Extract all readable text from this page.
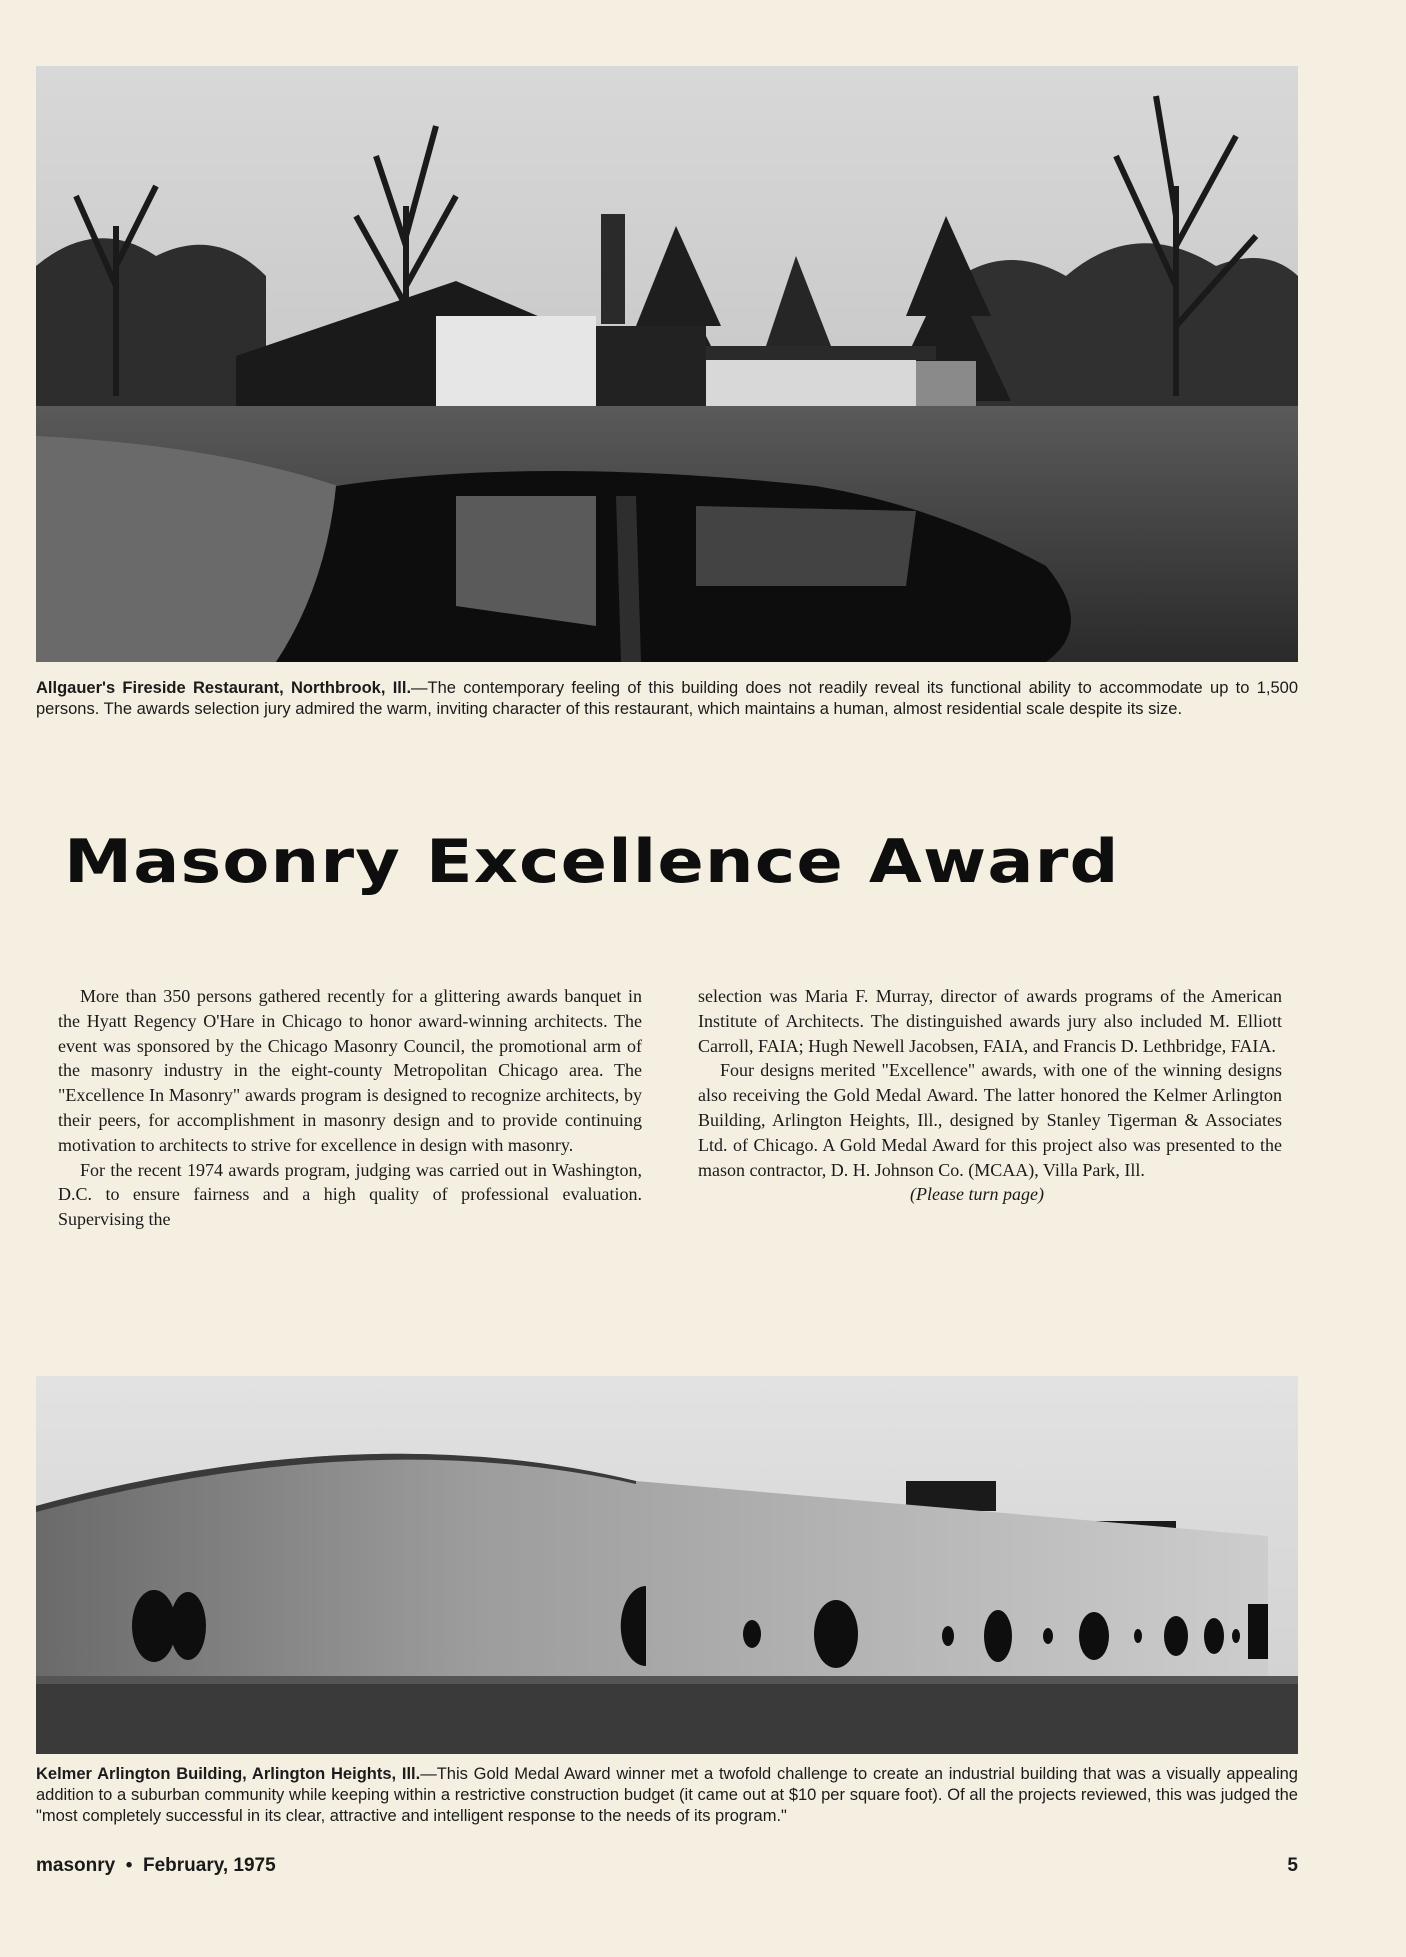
Allgauer's Fireside Restaurant, Northbrook, Ill.—The contemporary feeling of this building does not readily reveal its functional ability to accommodate up to 1,500 persons. The awards selection jury admired the warm, inviting character of this restaurant, which maintains a human, almost residential scale despite its size.

Masonry Excellence Award

More than 350 persons gathered recently for a glittering awards banquet in the Hyatt Regency O'Hare in Chicago to honor award-winning architects. The event was sponsored by the Chicago Masonry Council, the promotional arm of the masonry industry in the eight-county Metropolitan Chicago area. The "Excellence In Masonry" awards program is designed to recognize architects, by their peers, for accomplishment in masonry design and to provide continuing motivation to architects to strive for excellence in design with masonry.

For the recent 1974 awards program, judging was carried out in Washington, D.C. to ensure fairness and a high quality of professional evaluation. Supervising the

selection was Maria F. Murray, director of awards programs of the American Institute of Architects. The distinguished awards jury also included M. Elliott Carroll, FAIA; Hugh Newell Jacobsen, FAIA, and Francis D. Lethbridge, FAIA.

Four designs merited "Excellence" awards, with one of the winning designs also receiving the Gold Medal Award. The latter honored the Kelmer Arlington Building, Arlington Heights, Ill., designed by Stanley Tigerman & Associates Ltd. of Chicago. A Gold Medal Award for this project also was presented to the mason contractor, D. H. Johnson Co. (MCAA), Villa Park, Ill.

(Please turn page)

Kelmer Arlington Building, Arlington Heights, Ill.—This Gold Medal Award winner met a twofold challenge to create an industrial building that was a visually appealing addition to a suburban community while keeping within a restrictive construction budget (it came out at $10 per square foot). Of all the projects reviewed, this was judged the "most completely successful in its clear, attractive and intelligent response to the needs of its program."

masonry  •  February, 1975	5
